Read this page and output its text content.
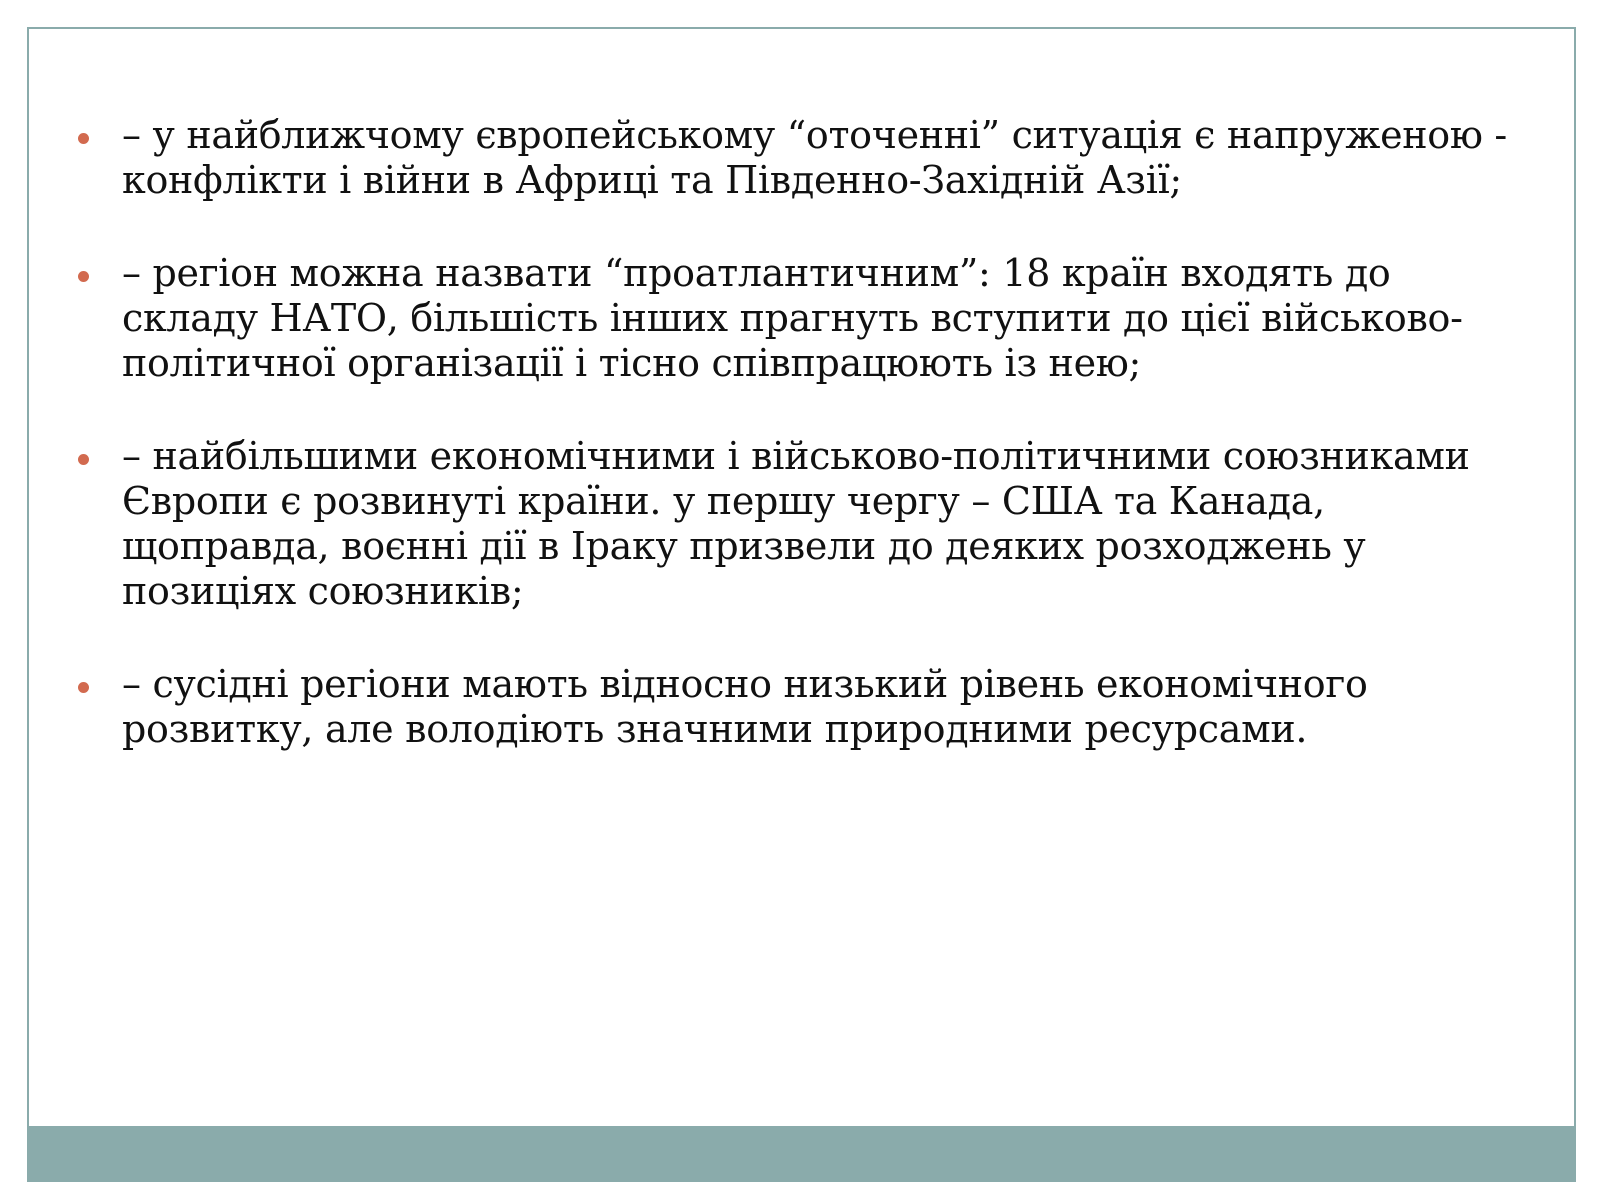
– у найближчому європейському “оточенні” ситуація є напруженою - конфлікти і війни в Африці та Південно-Західній Азії;
– регіон можна назвати “проатлантичним”: 18 країн входять до складу НАТО, більшість інших прагнуть вступити до цієї військово-політичної організації і тісно співпрацюють із нею;
– найбільшими економічними і військово-політичними союзниками Європи є розвинуті країни. у першу чергу – США та Канада, щоправда, воєнні дії в Іраку призвели до деяких розходжень у позиціях союзників;
– сусідні регіони мають відносно низький рівень економічного розвитку, але володіють значними природними ресурсами.
